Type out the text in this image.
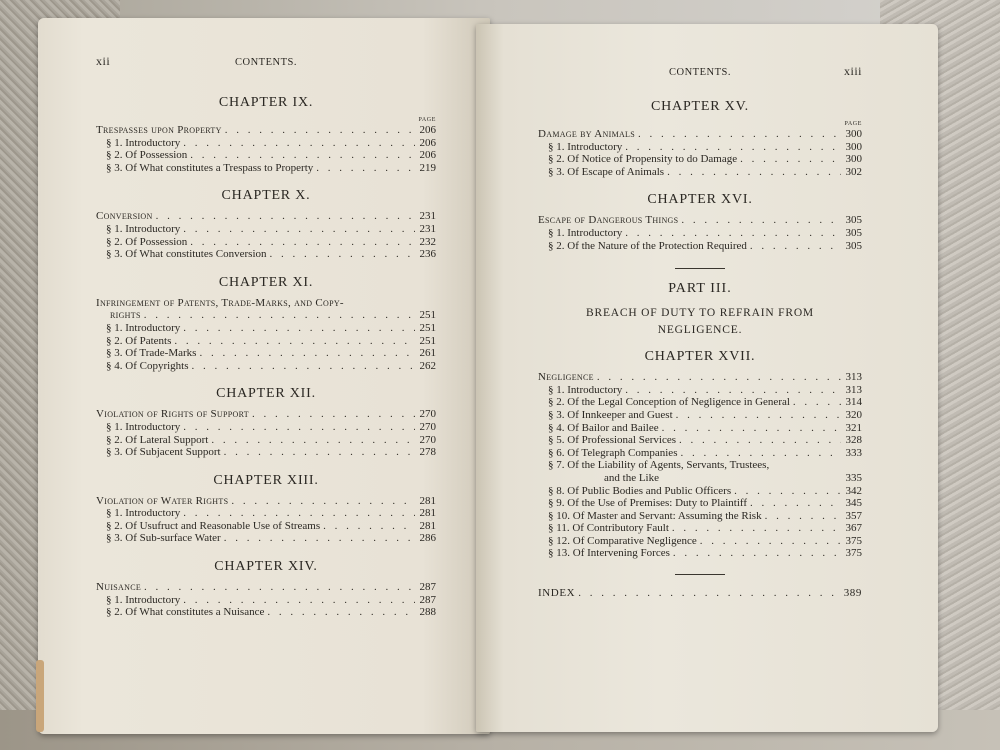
xii	CONTENTS.
CHAPTER IX.
PAGE
Trespasses upon Property . . .	206
§ 1. Introductory . . .	206
§ 2. Of Possession . . .	206
§ 3. Of What constitutes a Trespass to Property . . .	219
CHAPTER X.
Conversion . . .	231
§ 1. Introductory . . .	231
§ 2. Of Possession . . .	232
§ 3. Of What constitutes Conversion . . .	236
CHAPTER XI.
Infringement of Patents, Trade-Marks, and Copy-
rights . . .	251
§ 1. Introductory . . .	251
§ 2. Of Patents . . .	251
§ 3. Of Trade-Marks . . .	261
§ 4. Of Copyrights . . .	262
CHAPTER XII.
Violation of Rights of Support . . .	270
§ 1. Introductory . . .	270
§ 2. Of Lateral Support . . .	270
§ 3. Of Subjacent Support . . .	278
CHAPTER XIII.
Violation of Water Rights . . .	281
§ 1. Introductory . . .	281
§ 2. Of Usufruct and Reasonable Use of Streams . . .	281
§ 3. Of Sub-surface Water . . .	286
CHAPTER XIV.
Nuisance . . .	287
§ 1. Introductory . . .	287
§ 2. Of What constitutes a Nuisance . . .	288
CONTENTS.	xiii
CHAPTER XV.
PAGE
Damage by Animals . . .	300
§ 1. Introductory . . .	300
§ 2. Of Notice of Propensity to do Damage . . .	300
§ 3. Of Escape of Animals . . .	302
CHAPTER XVI.
Escape of Dangerous Things . . .	305
§ 1. Introductory . . .	305
§ 2. Of the Nature of the Protection Required . . .	305
PART III.
BREACH OF DUTY TO REFRAIN FROM
NEGLIGENCE.
CHAPTER XVII.
Negligence . . .	313
§ 1. Introductory . . .	313
§ 2. Of the Legal Conception of Negligence in General . . .	314
§ 3. Of Innkeeper and Guest . . .	320
§ 4. Of Bailor and Bailee . . .	321
§ 5. Of Professional Services . . .	328
§ 6. Of Telegraph Companies . . .	333
§ 7. Of the Liability of Agents, Servants, Trustees,
and the Like	335
§ 8. Of Public Bodies and Public Officers . . .	342
§ 9. Of the Use of Premises: Duty to Plaintiff . . .	345
§ 10. Of Master and Servant: Assuming the Risk . . .	357
§ 11. Of Contributory Fault . . .	367
§ 12. Of Comparative Negligence . . .	375
§ 13. Of Intervening Forces . . .	375
INDEX . . .	389
